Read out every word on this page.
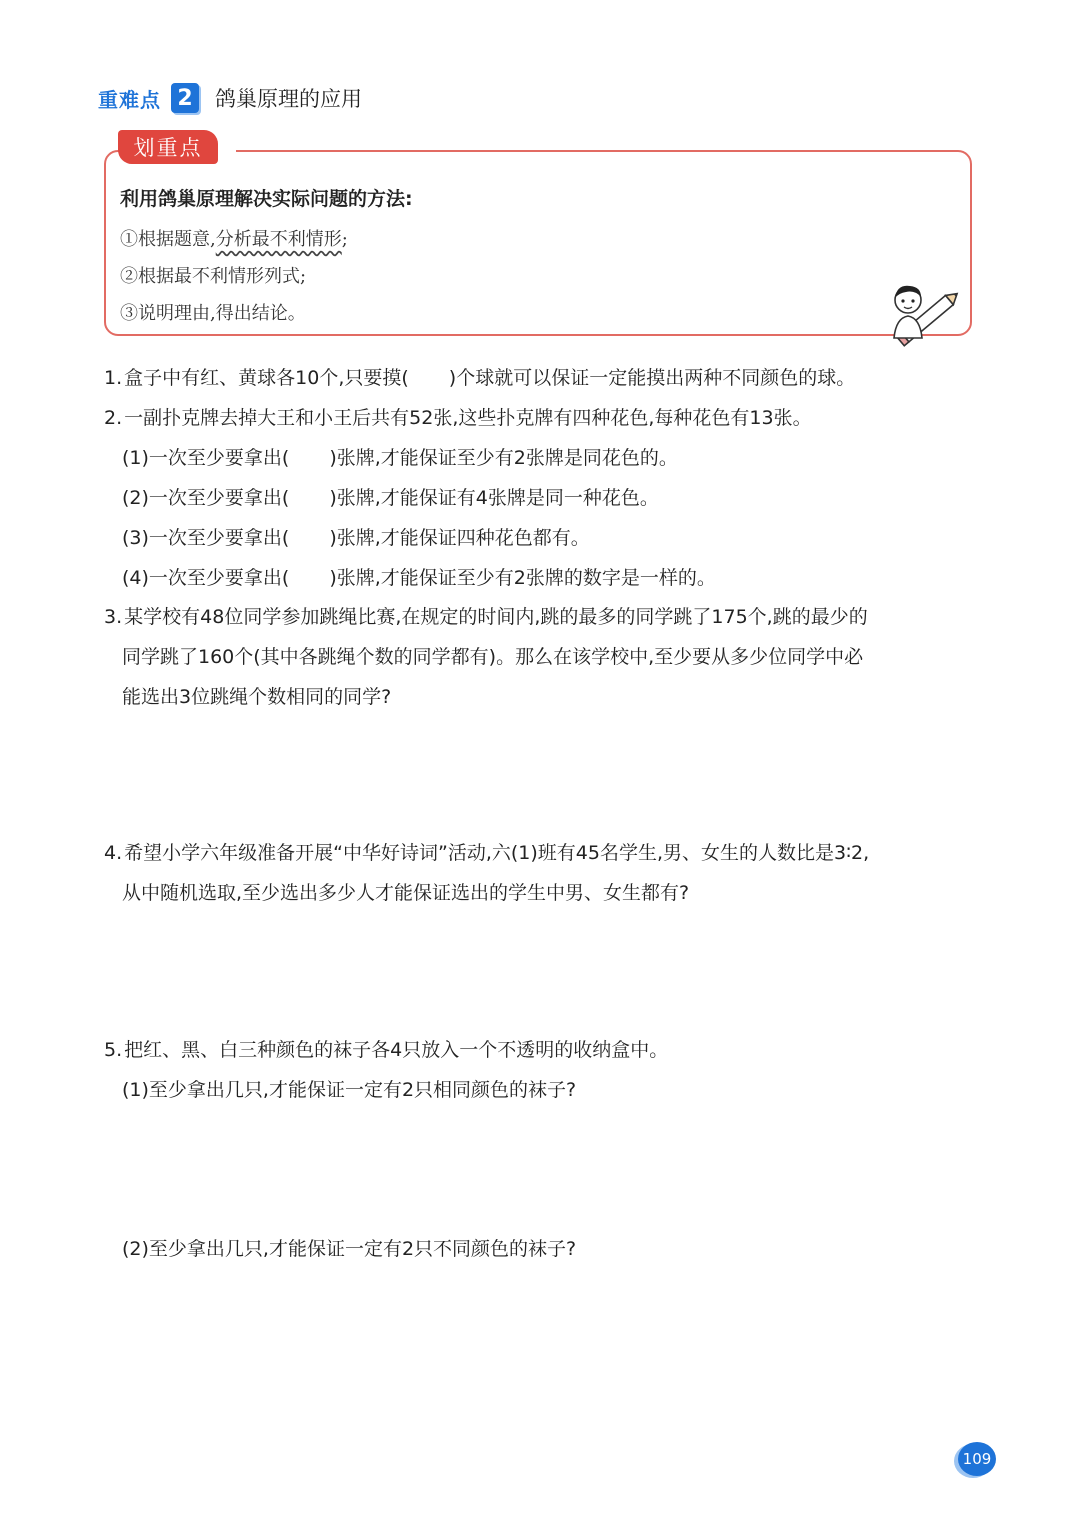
重难点 2	鸽巢原理的应用
划重点
利用鸽巢原理解决实际问题的方法:
①根据题意,分析最不利情形;
②根据最不利情形列式;
③说明理由,得出结论。
1. 盒子中有红、黄球各10个,只要摸( )个球就可以保证一定能摸出两种不同颜色的球。
2. 一副扑克牌去掉大王和小王后共有52张,这些扑克牌有四种花色,每种花色有13张。
(1)一次至少要拿出( )张牌,才能保证至少有2张牌是同花色的。
(2)一次至少要拿出( )张牌,才能保证有4张牌是同一种花色。
(3)一次至少要拿出( )张牌,才能保证四种花色都有。
(4)一次至少要拿出( )张牌,才能保证至少有2张牌的数字是一样的。
3. 某学校有48位同学参加跳绳比赛,在规定的时间内,跳的最多的同学跳了175个,跳的最少的
同学跳了160个(其中各跳绳个数的同学都有)。那么在该学校中,至少要从多少位同学中必
能选出3位跳绳个数相同的同学?
4. 希望小学六年级准备开展“中华好诗词”活动,六(1)班有45名学生,男、女生的人数比是3∶2,
从中随机选取,至少选出多少人才能保证选出的学生中男、女生都有?
5. 把红、黑、白三种颜色的袜子各4只放入一个不透明的收纳盒中。
(1)至少拿出几只,才能保证一定有2只相同颜色的袜子?
(2)至少拿出几只,才能保证一定有2只不同颜色的袜子?
109
